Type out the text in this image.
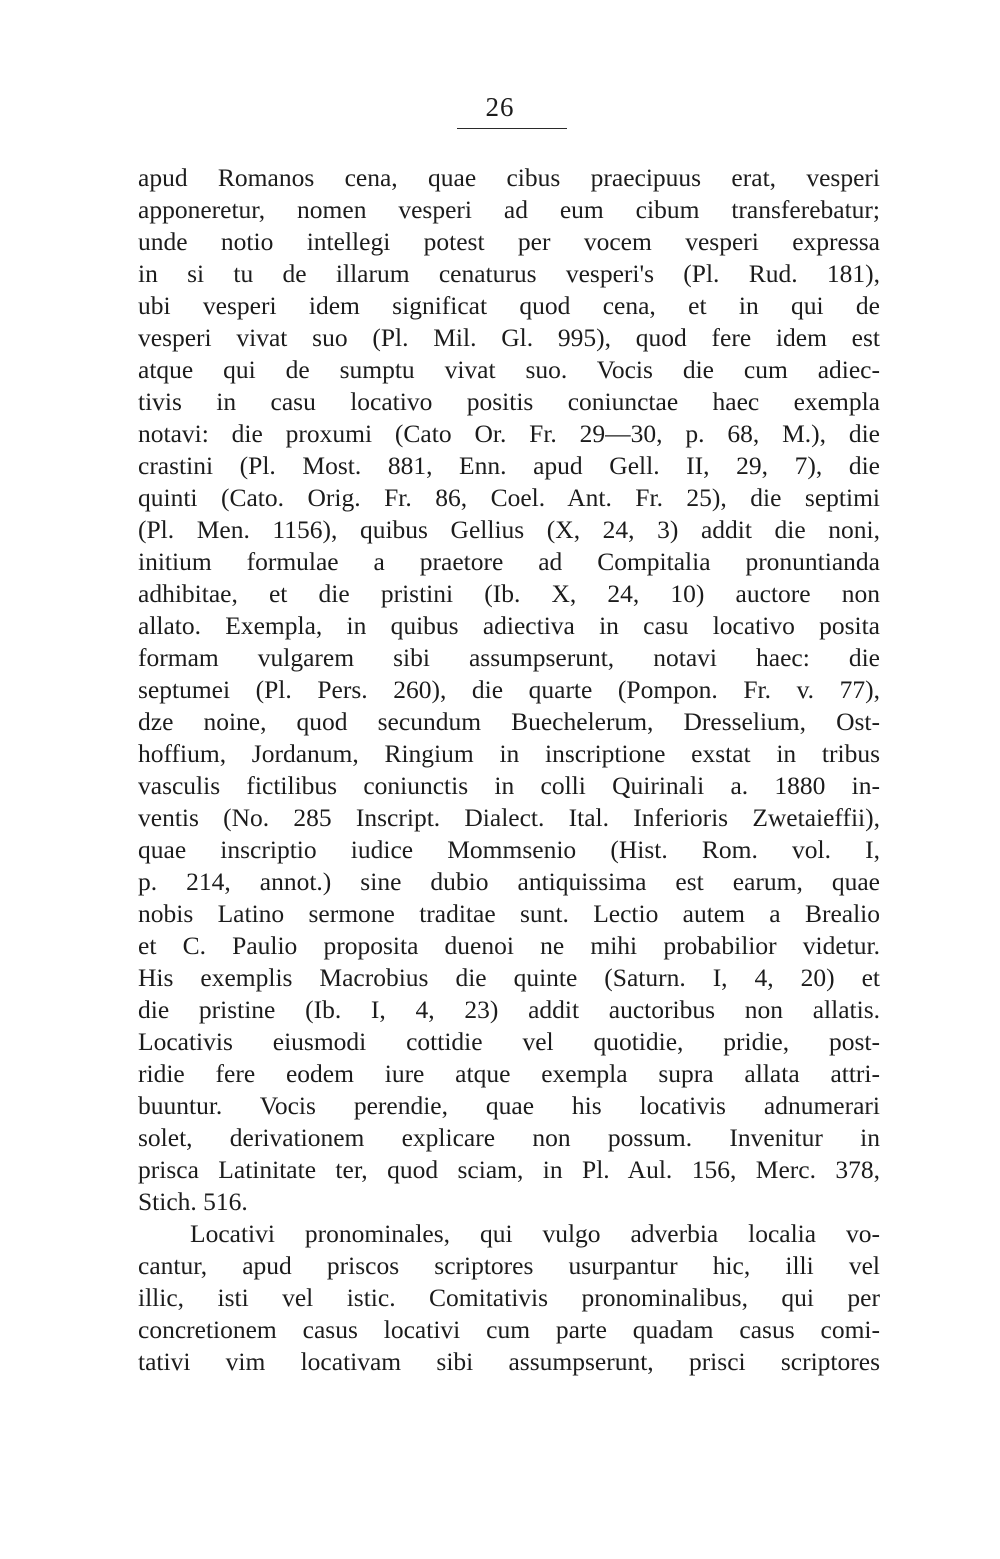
26
apud Romanos cena, quae cibus praecipuus erat, vesperi
apponeretur, nomen vesperi ad eum cibum transferebatur;
unde notio intellegi potest per vocem vesperi expressa
in si tu de illarum cenaturus vesperi's (Pl. Rud. 181),
ubi vesperi idem significat quod cena, et in qui de
vesperi vivat suo (Pl. Mil. Gl. 995), quod fere idem est
atque qui de sumptu vivat suo. Vocis die cum adiec-
tivis in casu locativo positis coniunctae haec exempla
notavi: die proxumi (Cato Or. Fr. 29—30, p. 68, M.), die
crastini (Pl. Most. 881, Enn. apud Gell. II, 29, 7), die
quinti (Cato. Orig. Fr. 86, Coel. Ant. Fr. 25), die septimi
(Pl. Men. 1156), quibus Gellius (X, 24, 3) addit die noni,
initium formulae a praetore ad Compitalia pronuntianda
adhibitae, et die pristini (Ib. X, 24, 10) auctore non
allato. Exempla, in quibus adiectiva in casu locativo posita
formam vulgarem sibi assumpserunt, notavi haec: die
septumei (Pl. Pers. 260), die quarte (Pompon. Fr. v. 77),
dze noine, quod secundum Buechelerum, Dresselium, Ost-
hoffium, Jordanum, Ringium in inscriptione exstat in tribus
vasculis fictilibus coniunctis in colli Quirinali a. 1880 in-
ventis (No. 285 Inscript. Dialect. Ital. Inferioris Zwetaieffii),
quae inscriptio iudice Mommsenio (Hist. Rom. vol. I,
p. 214, annot.) sine dubio antiquissima est earum, quae
nobis Latino sermone traditae sunt. Lectio autem a Brealio
et C. Paulio proposita duenoi ne mihi probabilior videtur.
His exemplis Macrobius die quinte (Saturn. I, 4, 20) et
die pristine (Ib. I, 4, 23) addit auctoribus non allatis.
Locativis eiusmodi cottidie vel quotidie, pridie, post-
ridie fere eodem iure atque exempla supra allata attri-
buuntur. Vocis perendie, quae his locativis adnumerari
solet, derivationem explicare non possum. Invenitur in
prisca Latinitate ter, quod sciam, in Pl. Aul. 156, Merc. 378,
Stich. 516.
Locativi pronominales, qui vulgo adverbia localia vo-
cantur, apud priscos scriptores usurpantur hic, illi vel
illic, isti vel istic. Comitativis pronominalibus, qui per
concretionem casus locativi cum parte quadam casus comi-
tativi vim locativam sibi assumpserunt, prisci scriptores
